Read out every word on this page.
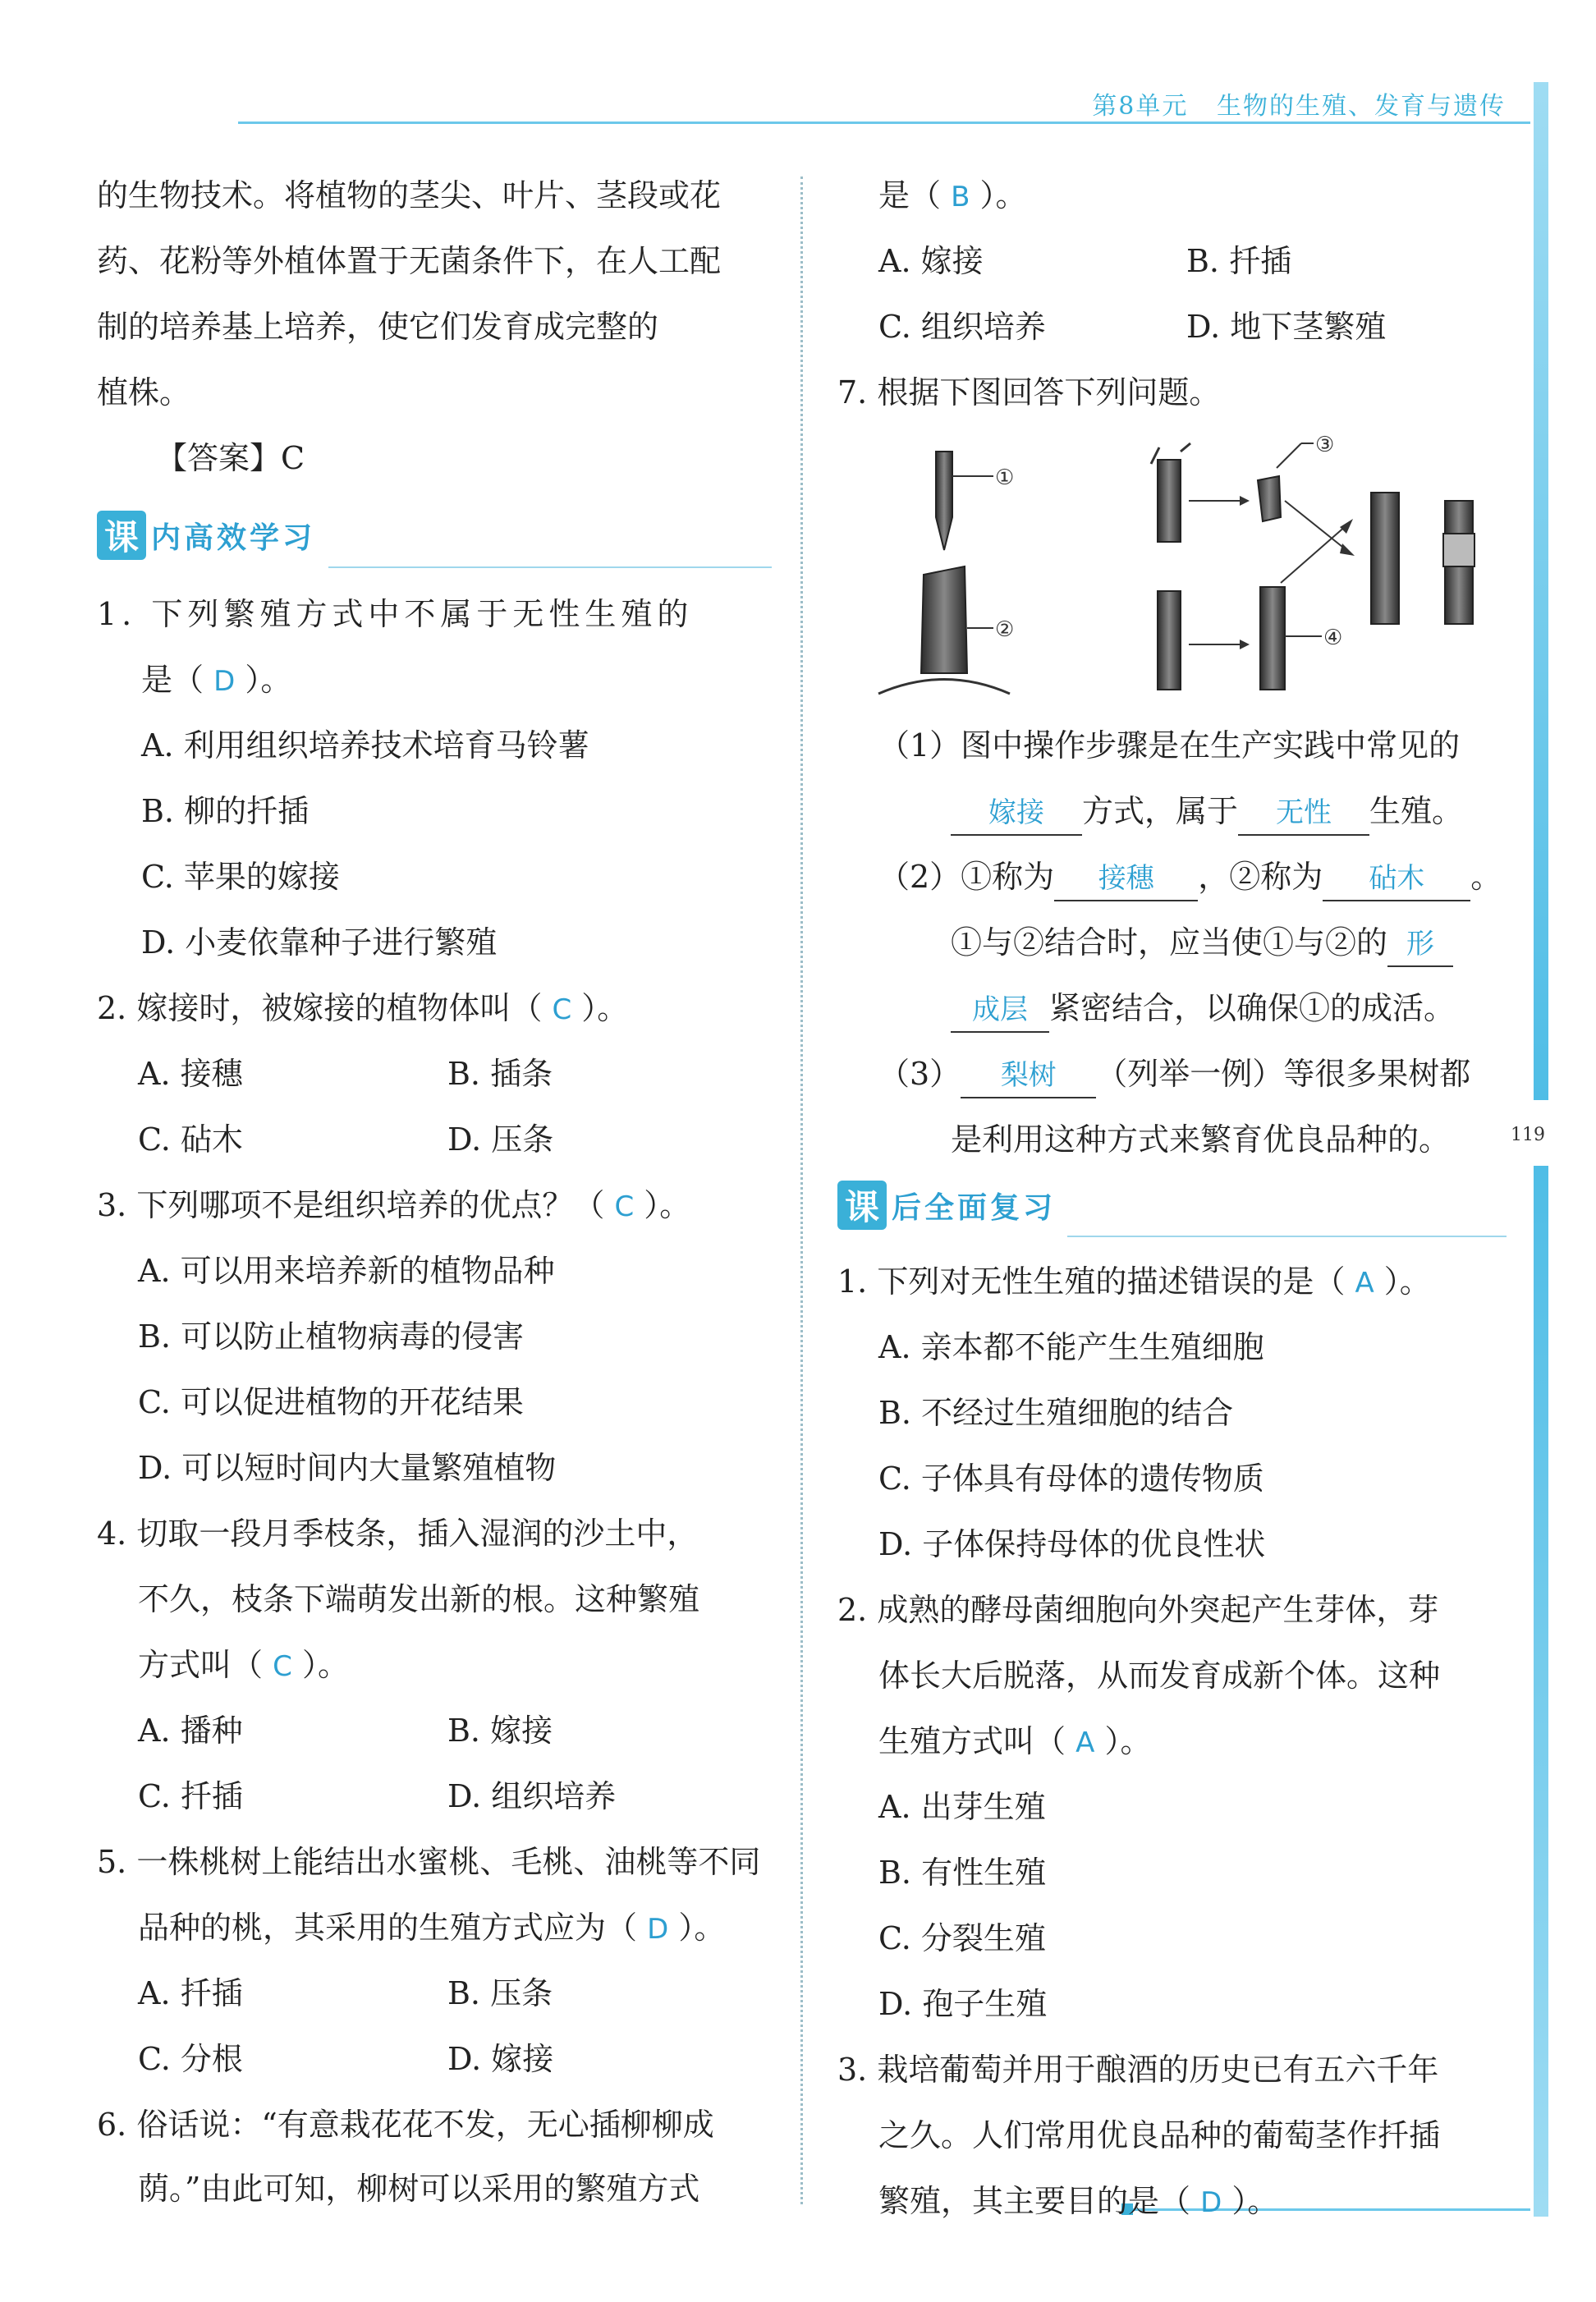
第8单元 生物的生殖、发育与遗传
119
的生物技术。将植物的茎尖、叶片、茎段或花
药、花粉等外植体置于无菌条件下，在人工配
制的培养基上培养，使它们发育成完整的
植株。
【答案】C
课 内高效学习
1. 下列繁殖方式中不属于无性生殖的
是（ D ）。
A. 利用组织培养技术培育马铃薯
B. 柳的扦插
C. 苹果的嫁接
D. 小麦依靠种子进行繁殖
2. 嫁接时，被嫁接的植物体叫（ C ）。
A. 接穗	B. 插条
C. 砧木	D. 压条
3. 下列哪项不是组织培养的优点？（ C ）。
A. 可以用来培养新的植物品种
B. 可以防止植物病毒的侵害
C. 可以促进植物的开花结果
D. 可以短时间内大量繁殖植物
4. 切取一段月季枝条，插入湿润的沙土中，
不久，枝条下端萌发出新的根。这种繁殖
方式叫（ C ）。
A. 播种	B. 嫁接
C. 扦插	D. 组织培养
5. 一株桃树上能结出水蜜桃、毛桃、油桃等不同
品种的桃，其采用的生殖方式应为（ D ）。
A. 扦插	B. 压条
C. 分根	D. 嫁接
6. 俗话说：“有意栽花花不发，无心插柳柳成
荫。”由此可知，柳树可以采用的繁殖方式
是（ B ）。
A. 嫁接	B. 扦插
C. 组织培养	D. 地下茎繁殖
7. 根据下图回答下列问题。
①
②
③
④
（1）图中操作步骤是在生产实践中常见的
嫁接 方式，属于 无性 生殖。
（2）①称为 接穗 ，②称为 砧木 。
①与②结合时，应当使①与②的 形
成层 紧密结合，以确保①的成活。
（3） 梨树 （列举一例）等很多果树都
是利用这种方式来繁育优良品种的。
课 后全面复习
1. 下列对无性生殖的描述错误的是（ A ）。
A. 亲本都不能产生生殖细胞
B. 不经过生殖细胞的结合
C. 子体具有母体的遗传物质
D. 子体保持母体的优良性状
2. 成熟的酵母菌细胞向外突起产生芽体，芽
体长大后脱落，从而发育成新个体。这种
生殖方式叫（ A ）。
A. 出芽生殖
B. 有性生殖
C. 分裂生殖
D. 孢子生殖
3. 栽培葡萄并用于酿酒的历史已有五六千年
之久。人们常用优良品种的葡萄茎作扦插
繁殖，其主要目的是（ D ）。
